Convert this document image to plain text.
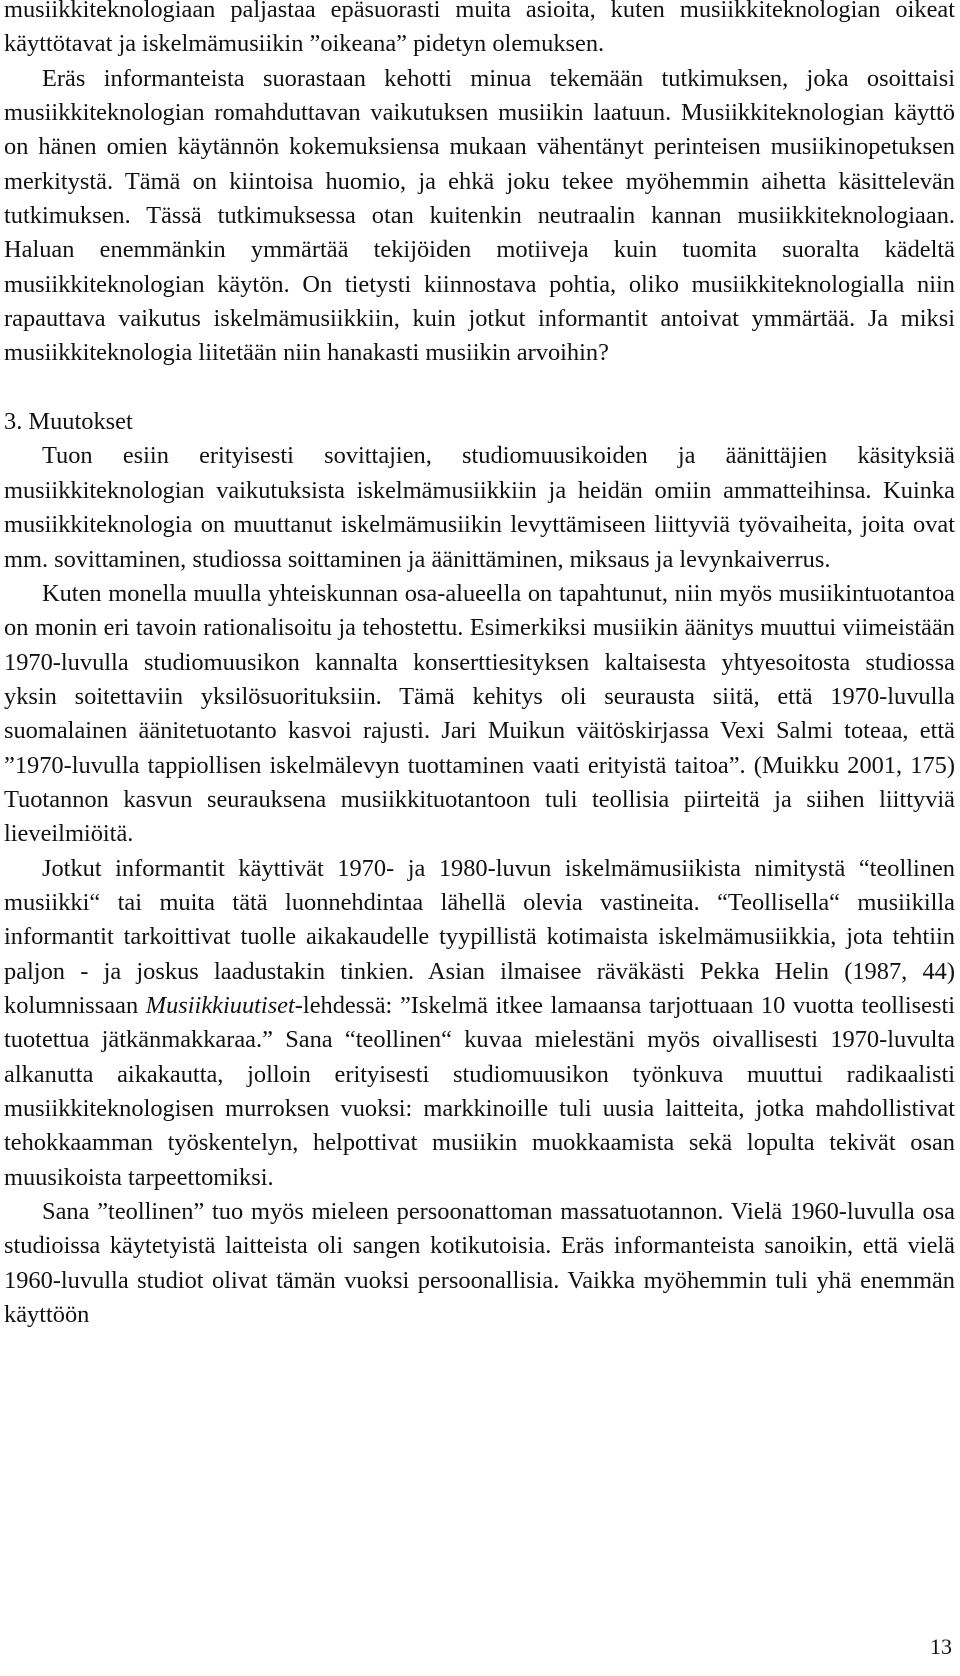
musiikkiteknologiaan paljastaa epäsuorasti muita asioita, kuten musiikkiteknologian oikeat käyttötavat ja iskelmämusiikin ”oikeana” pidetyn olemuksen.

Eräs informanteista suorastaan kehotti minua tekemään tutkimuksen, joka osoittaisi musiikkiteknologian romahduttavan vaikutuksen musiikin laatuun. Musiikkiteknologian käyttö on hänen omien käytännön kokemuksiensa mukaan vähentänyt perinteisen musiikinopetuksen merkitystä. Tämä on kiintoisa huomio, ja ehkä joku tekee myöhemmin aihetta käsittelevän tutkimuksen. Tässä tutkimuksessa otan kuitenkin neutraalin kannan musiikkiteknologiaan. Haluan enemmänkin ymmärtää tekijöiden motiiveja kuin tuomita suoralta kädeltä musiikkiteknologian käytön. On tietysti kiinnostava pohtia, oliko musiikkiteknologialla niin rapauttava vaikutus iskelmämusiikkiin, kuin jotkut informantit antoivat ymmärtää. Ja miksi musiikkiteknologia liitetään niin hanakasti musiikin arvoihin?

3. Muutokset

Tuon esiin erityisesti sovittajien, studiomuusikoiden ja äänittäjien käsityksiä musiikkiteknologian vaikutuksista iskelmämusiikkiin ja heidän omiin ammatteihinsa. Kuinka musiikkiteknologia on muuttanut iskelmämusiikin levyttämiseen liittyviä työvaiheita, joita ovat mm. sovittaminen, studiossa soittaminen ja äänittäminen, miksaus ja levynkaiverrus.

Kuten monella muulla yhteiskunnan osa-alueella on tapahtunut, niin myös musiikintuotantoa on monin eri tavoin rationalisoitu ja tehostettu. Esimerkiksi musiikin äänitys muuttui viimeistään 1970-luvulla studiomuusikon kannalta konserttiesityksen kaltaisesta yhtyesoitosta studiossa yksin soitettaviin yksilösuorituksiin. Tämä kehitys oli seurausta siitä, että 1970-luvulla suomalainen äänitetuotanto kasvoi rajusti. Jari Muikun väitöskirjassa Vexi Salmi toteaa, että ”1970-luvulla tappiollisen iskelmälevyn tuottaminen vaati erityistä taitoa”. (Muikku 2001, 175) Tuotannon kasvun seurauksena musiikkituotantoon tuli teollisia piirteitä ja siihen liittyviä lieveilmiöitä.

Jotkut informantit käyttivät 1970- ja 1980-luvun iskelmämusiikista nimitystä “teollinen musiikki“ tai muita tätä luonnehdintaa lähellä olevia vastineita. “Teollisella“ musiikilla informantit tarkoittivat tuolle aikakaudelle tyypillistä kotimaista iskelmämusiikkia, jota tehtiin paljon - ja joskus laadustakin tinkien. Asian ilmaisee räväkästi Pekka Helin (1987, 44) kolumnissaan Musiikkiuutiset-lehdessä: ”Iskelmä itkee lamaansa tarjottuaan 10 vuotta teollisesti tuotettua jätkänmakkaraa.” Sana “teollinen“ kuvaa mielestäni myös oivallisesti 1970-luvulta alkanutta aikakautta, jolloin erityisesti studiomuusikon työnkuva muuttui radikaalisti musiikkiteknologisen murroksen vuoksi: markkinoille tuli uusia laitteita, jotka mahdollistivat tehokkaamman työskentelyn, helpottivat musiikin muokkaamista sekä lopulta tekivät osan muusikoista tarpeettomiksi.

Sana ”teollinen” tuo myös mieleen persoonattoman massatuotannon. Vielä 1960-luvulla osa studioissa käytetyistä laitteista oli sangen kotikutoisia. Eräs informanteista sanoikin, että vielä 1960-luvulla studiot olivat tämän vuoksi persoonallisia. Vaikka myöhemmin tuli yhä enemmän käyttöön

13
